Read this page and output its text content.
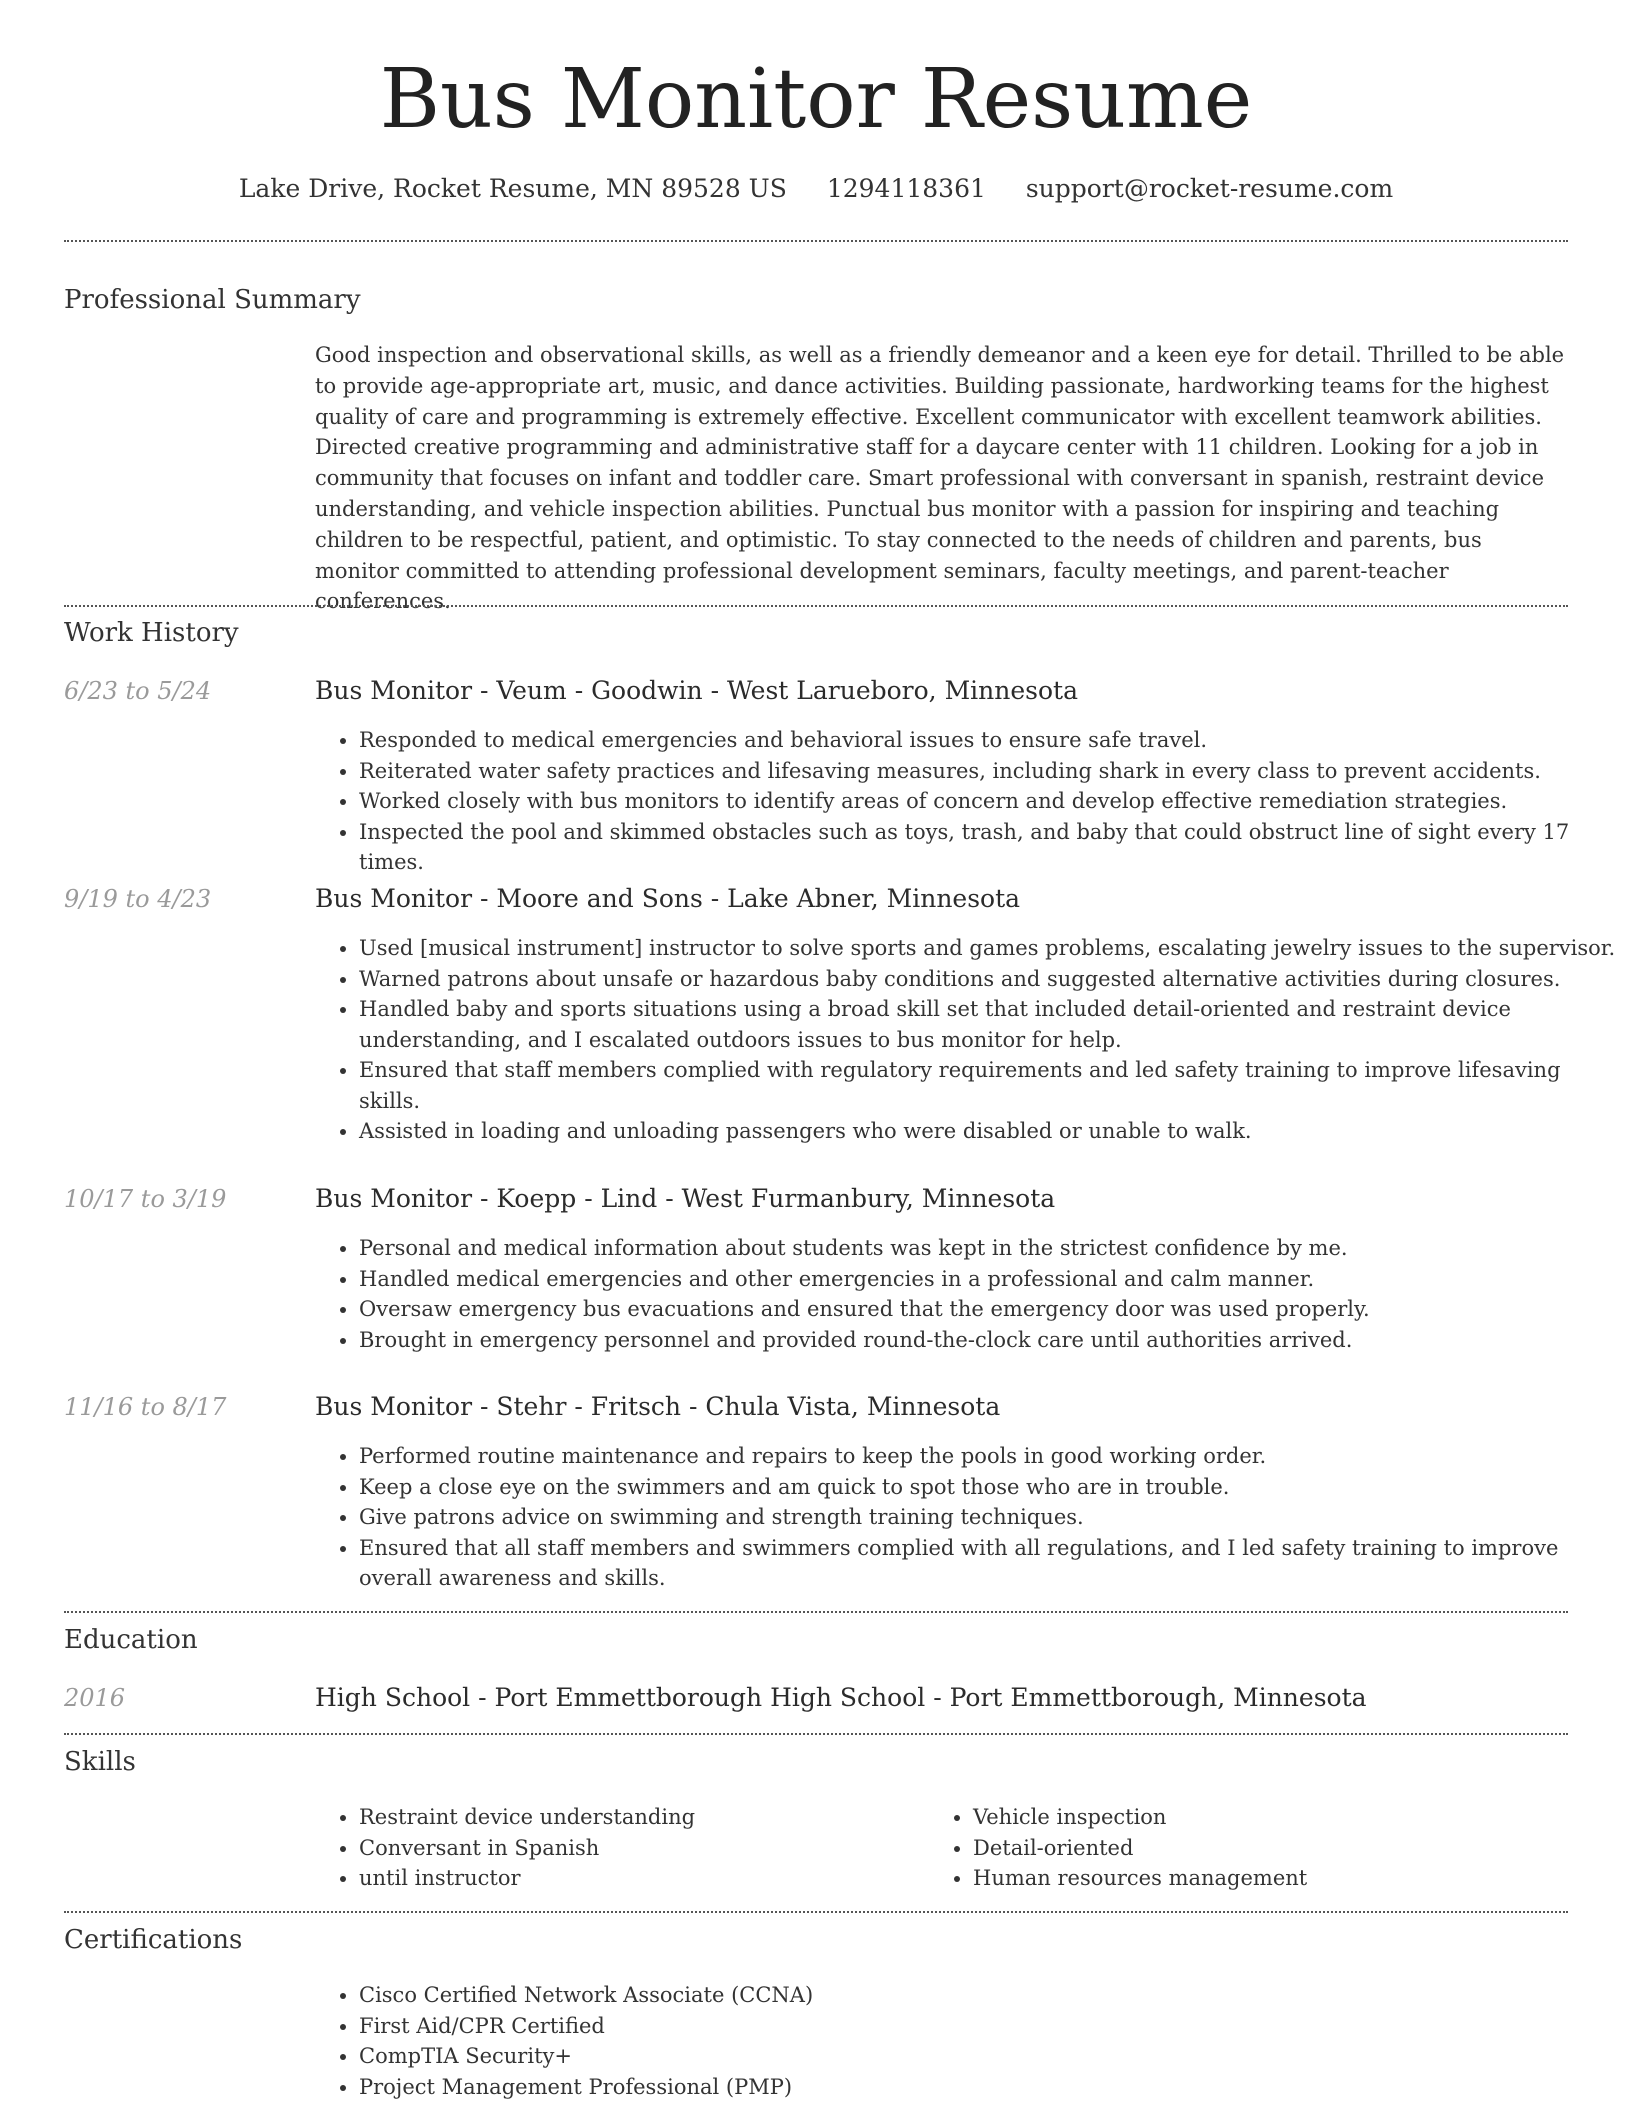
Bus Monitor Resume
Lake Drive, Rocket Resume, MN 89528 US 1294118361 support@rocket-resume.com
Professional Summary

Good inspection and observational skills, as well as a friendly demeanor and a keen eye for detail. Thrilled to be able to provide age-appropriate art, music, and dance activities. Building passionate, hardworking teams for the highest quality of care and programming is extremely effective. Excellent communicator with excellent teamwork abilities. Directed creative programming and administrative staff for a daycare center with 11 children. Looking for a job in community that focuses on infant and toddler care. Smart professional with conversant in spanish, restraint device understanding, and vehicle inspection abilities. Punctual bus monitor with a passion for inspiring and teaching children to be respectful, patient, and optimistic. To stay connected to the needs of children and parents, bus monitor committed to attending professional development seminars, faculty meetings, and parent-teacher conferences.

Work History
6/23 to 5/24	Bus Monitor - Veum - Goodwin - West Larueboro, Minnesota
• Responded to medical emergencies and behavioral issues to ensure safe travel.
• Reiterated water safety practices and lifesaving measures, including shark in every class to prevent accidents.
• Worked closely with bus monitors to identify areas of concern and develop effective remediation strategies.
• Inspected the pool and skimmed obstacles such as toys, trash, and baby that could obstruct line of sight every 17 times.
9/19 to 4/23	Bus Monitor - Moore and Sons - Lake Abner, Minnesota
• Used [musical instrument] instructor to solve sports and games problems, escalating jewelry issues to the supervisor.
• Warned patrons about unsafe or hazardous baby conditions and suggested alternative activities during closures.
• Handled baby and sports situations using a broad skill set that included detail-oriented and restraint device understanding, and I escalated outdoors issues to bus monitor for help.
• Ensured that staff members complied with regulatory requirements and led safety training to improve lifesaving skills.
• Assisted in loading and unloading passengers who were disabled or unable to walk.
10/17 to 3/19	Bus Monitor - Koepp - Lind - West Furmanbury, Minnesota
• Personal and medical information about students was kept in the strictest confidence by me.
• Handled medical emergencies and other emergencies in a professional and calm manner.
• Oversaw emergency bus evacuations and ensured that the emergency door was used properly.
• Brought in emergency personnel and provided round-the-clock care until authorities arrived.
11/16 to 8/17	Bus Monitor - Stehr - Fritsch - Chula Vista, Minnesota
• Performed routine maintenance and repairs to keep the pools in good working order.
• Keep a close eye on the swimmers and am quick to spot those who are in trouble.
• Give patrons advice on swimming and strength training techniques.
• Ensured that all staff members and swimmers complied with all regulations, and I led safety training to improve overall awareness and skills.
Education
2016	High School - Port Emmettborough High School - Port Emmettborough, Minnesota
Skills
• Restraint device understanding
• Conversant in Spanish
• until instructor
• Vehicle inspection
• Detail-oriented
• Human resources management
Certifications
• Cisco Certified Network Associate (CCNA)
• First Aid/CPR Certified
• CompTIA Security+
• Project Management Professional (PMP)
